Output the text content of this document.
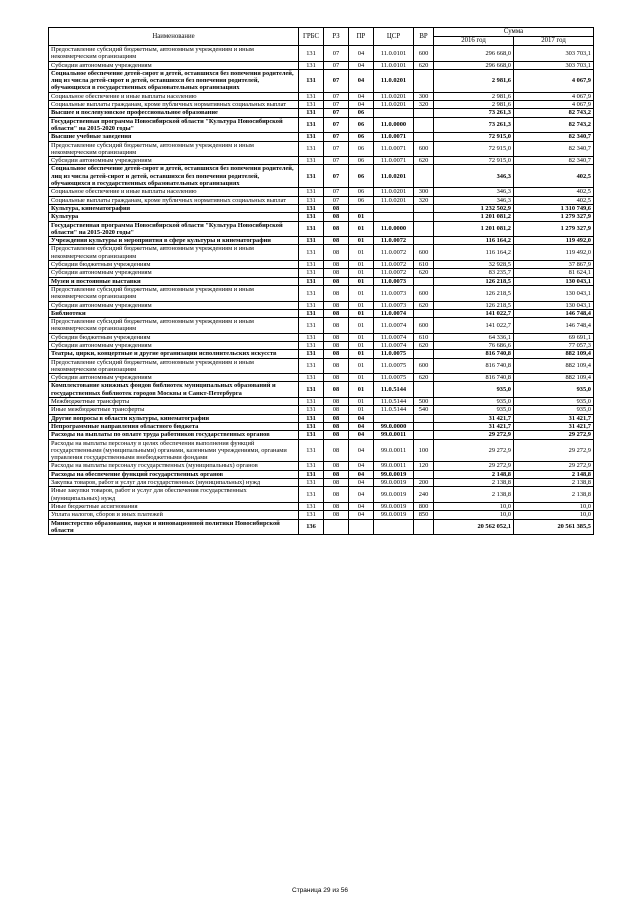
Наименование	ГРБС	РЗ	ПР	ЦСР	ВР	Сумма	
						2016 год	2017 год
Предоставление субсидий бюджетным, автономным учреждениям и иным некоммерческим организациям	131	07	04	11.0.0101	600	296 668,0	303 703,1
Субсидии автономным учреждениям	131	07	04	11.0.0101	620	296 668,0	303 703,1
Социальное обеспечение детей-сирот и детей, оставшихся без попечения родителей, лиц из числа детей-сирот и детей, оставшихся без попечения родителей, обучающихся в государственных образовательных организациях	131	07	04	11.0.0201		2 981,6	4 067,9
Социальное обеспечение и иные выплаты населению	131	07	04	11.0.0201	300	2 981,6	4 067,9
Социальные выплаты гражданам, кроме публичных нормативных социальных выплат	131	07	04	11.0.0201	320	2 981,6	4 067,9
Высшее и послевузовское профессиональное образование	131	07	06			73 261,3	82 743,2
Государственная программа Новосибирской области "Культура Новосибирской области" на 2015-2020 годы"	131	07	06	11.0.0000		73 261,3	82 743,2
Высшие учебные заведения	131	07	06	11.0.0071		72 915,0	82 340,7
Предоставление субсидий бюджетным, автономным учреждениям и иным некоммерческим организациям	131	07	06	11.0.0071	600	72 915,0	82 340,7
Субсидии автономным учреждениям	131	07	06	11.0.0071	620	72 915,0	82 340,7
Социальное обеспечение детей-сирот и детей, оставшихся без попечения родителей, лиц из числа детей-сирот и детей, оставшихся без попечения родителей, обучающихся в государственных образовательных организациях	131	07	06	11.0.0201		346,3	402,5
Социальное обеспечение и иные выплаты населению	131	07	06	11.0.0201	300	346,3	402,5
Социальные выплаты гражданам, кроме публичных нормативных социальных выплат	131	07	06	11.0.0201	320	346,3	402,5
Культура, кинематография	131	08				1 232 502,9	1 310 749,6
Культура	131	08	01			1 201 081,2	1 279 327,9
Государственная программа Новосибирской области "Культура Новосибирской области" на 2015-2020 годы"	131	08	01	11.0.0000		1 201 081,2	1 279 327,9
Учреждения культуры и мероприятия в сфере культуры и кинематографии	131	08	01	11.0.0072		116 164,2	119 492,0
Предоставление субсидий бюджетным, автономным учреждениям и иным некоммерческим организациям	131	08	01	11.0.0072	600	116 164,2	119 492,0
Субсидии бюджетным учреждениям	131	08	01	11.0.0072	610	32 928,5	37 867,9
Субсидии автономным учреждениям	131	08	01	11.0.0072	620	83 235,7	81 624,1
Музеи и постоянные выставки	131	08	01	11.0.0073		126 218,5	130 043,1
Предоставление субсидий бюджетным, автономным учреждениям и иным некоммерческим организациям	131	08	01	11.0.0073	600	126 218,5	130 043,1
Субсидии автономным учреждениям	131	08	01	11.0.0073	620	126 218,5	130 043,1
Библиотеки	131	08	01	11.0.0074		141 022,7	146 748,4
Предоставление субсидий бюджетным, автономным учреждениям и иным некоммерческим организациям	131	08	01	11.0.0074	600	141 022,7	146 748,4
Субсидии бюджетным учреждениям	131	08	01	11.0.0074	610	64 336,1	69 691,1
Субсидии автономным учреждениям	131	08	01	11.0.0074	620	76 686,6	77 057,3
Театры, цирки, концертные и другие организации исполнительских искусств	131	08	01	11.0.0075		816 740,8	882 109,4
Предоставление субсидий бюджетным, автономным учреждениям и иным некоммерческим организациям	131	08	01	11.0.0075	600	816 740,8	882 109,4
Субсидии автономным учреждениям	131	08	01	11.0.0075	620	816 740,8	882 109,4
Комплектование книжных фондов библиотек муниципальных образований и государственных библиотек городов Москвы и Санкт-Петербурга	131	08	01	11.0.5144		935,0	935,0
Межбюджетные трансферты	131	08	01	11.0.5144	500	935,0	935,0
Иные межбюджетные трансферты	131	08	01	11.0.5144	540	935,0	935,0
Другие вопросы в области культуры, кинематографии	131	08	04			31 421,7	31 421,7
Непрограммные направления областного бюджета	131	08	04	99.0.0000		31 421,7	31 421,7
Расходы на выплаты по оплате труда работников государственных органов	131	08	04	99.0.0011		29 272,9	29 272,9
Расходы на выплаты персоналу в целях обеспечения выполнения функций государственными (муниципальными) органами, казенными учреждениями, органами управления государственными внебюджетными фондами	131	08	04	99.0.0011	100	29 272,9	29 272,9
Расходы на выплаты персоналу государственных (муниципальных) органов	131	08	04	99.0.0011	120	29 272,9	29 272,9
Расходы на обеспечение функций государственных органов	131	08	04	99.0.0019		2 148,8	2 148,8
Закупка товаров, работ и услуг для государственных (муниципальных) нужд	131	08	04	99.0.0019	200	2 138,8	2 138,8
Иные закупки товаров, работ и услуг для обеспечения государственных (муниципальных) нужд	131	08	04	99.0.0019	240	2 138,8	2 138,8
Иные бюджетные ассигнования	131	08	04	99.0.0019	800	10,0	10,0
Уплата налогов, сборов и иных платежей	131	08	04	99.0.0019	850	10,0	10,0
Министерство образования, науки и инновационной политики Новосибирской области	136					20 562 052,1	20 561 385,5
Страница 29 из 56
